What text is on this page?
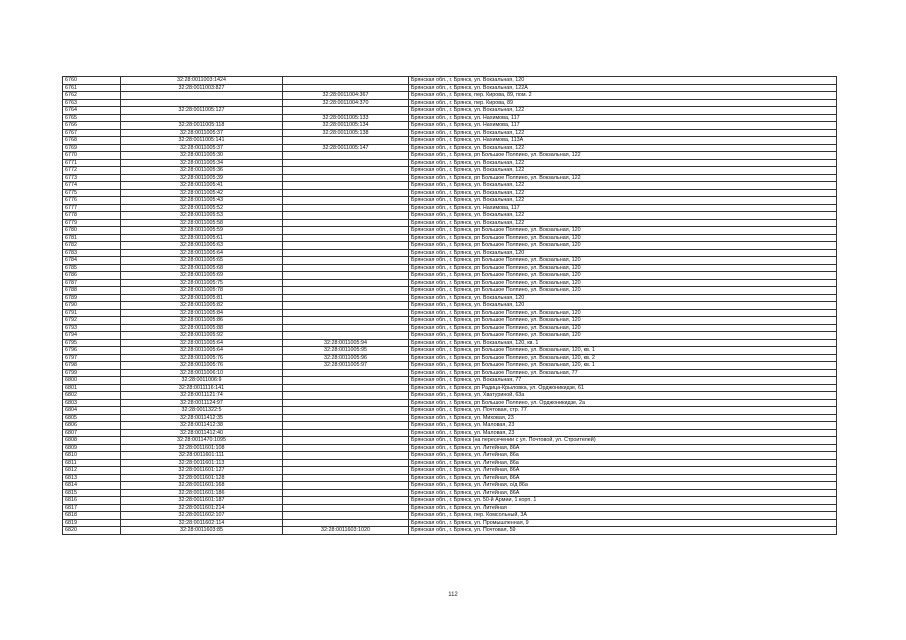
6760	32:28:0011003:1424		Брянская обл., г. Брянск, ул. Вокзальная, 120
6761	32:28:0011003:827		Брянская обл., г. Брянск, ул. Вокзальная, 122А
6762		32:28:0011004:367	Брянская обл., г. Брянск, пер. Кирова, 89, пом. 2
6763		32:28:0011004:370	Брянская обл., г. Брянск, пер. Кирова, 89
6764	32:28:0011005:127		Брянская обл., г. Брянск, ул. Вокзальная, 122
6765		32:28:0011005:133	Брянская обл., г. Брянск, ул. Нахимова, 117
6766	32:28:0011005:118	32:28:0011005:134	Брянская обл., г. Брянск, ул. Нахимова, 117
6767	32:28:0011005:37	32:28:0011005:138	Брянская обл., г. Брянск, ул. Вокзальная, 122
6768	32:28:0011005:141		Брянская обл., г. Брянск, ул. Нахимова, 113А
6769	32:28:0011005:37	32:28:0011005:147	Брянская обл., г. Брянск, ул. Вокзальная, 122
6770	32:28:0011005:30		Брянская обл., г. Брянск, рп Большое Полпино, ул. Вокзальная, 122
6771	32:28:0011005:34		Брянская обл., г. Брянск, ул. Вокзальная, 122
6772	32:28:0011005:36		Брянская обл., г. Брянск, ул. Вокзальная, 122
6773	32:28:0011005:39		Брянская обл., г. Брянск, рп Большое Полпино, ул. Вокзальная, 122
6774	32:28:0011005:41		Брянская обл., г. Брянск, ул. Вокзальная, 122
6775	32:28:0011005:42		Брянская обл., г. Брянск, ул. Вокзальная, 122
6776	32:28:0011005:43		Брянская обл., г. Брянск, ул. Вокзальная, 122
6777	32:28:0011005:52		Брянская обл., г. Брянск, ул. Нахимова, 117
6778	32:28:0011005:53		Брянская обл., г. Брянск, ул. Вокзальная, 122
6779	32:28:0011005:58		Брянская обл., г. Брянск, ул. Вокзальная, 122
6780	32:28:0011005:59		Брянская обл., г. Брянск, рп Большое Полпино, ул. Вокзальная, 120
6781	32:28:0011005:61		Брянская обл., г. Брянск, рп Большое Полпино, ул. Вокзальная, 120
6782	32:28:0011005:63		Брянская обл., г. Брянск, рп Большое Полпино, ул. Вокзальная, 120
6783	32:28:0011005:64		Брянская обл., г. Брянск, ул. Вокзальная, 120
6784	32:28:0011005:65		Брянская обл., г. Брянск, рп Большое Полпино, ул. Вокзальная, 120
6785	32:28:0011005:68		Брянская обл., г. Брянск, рп Большое Полпино, ул. Вокзальная, 120
6786	32:28:0011005:69		Брянская обл., г. Брянск, рп Большое Полпино, ул. Вокзальная, 120
6787	32:28:0011005:75		Брянская обл., г. Брянск, рп Большое Полпино, ул. Вокзальная, 120
6788	32:28:0011005:78		Брянская обл., г. Брянск, рп Большое Полпино, ул. Вокзальная, 120
6789	32:28:0011005:81		Брянская обл., г. Брянск, ул. Вокзальная, 120
6790	32:28:0011005:82		Брянская обл., г. Брянск, ул. Вокзальная, 120
6791	32:28:0011005:84		Брянская обл., г. Брянск, рп Большое Полпино, ул. Вокзальная, 120
6792	32:28:0011005:86		Брянская обл., г. Брянск, рп Большое Полпино, ул. Вокзальная, 120
6793	32:28:0011005:88		Брянская обл., г. Брянск, рп Большое Полпино, ул. Вокзальная, 120
6794	32:28:0011005:92		Брянская обл., г. Брянск, рп Большое Полпино, ул. Вокзальная, 120
6795	32:28:0011005:64	32:28:0011005:94	Брянская обл., г. Брянск, ул. Вокзальная, 120, кв. 1
6796	32:28:0011005:64	32:28:0011005:95	Брянская обл., г. Брянск, рп Большое Полпино, ул. Вокзальная, 120, кв. 1
6797	32:28:0011005:76	32:28:0011005:96	Брянская обл., г. Брянск, рп Большое Полпино, ул. Вокзальная, 120, кв. 2
6798	32:28:0011005:76	32:28:0011005:97	Брянская обл., г. Брянск, рп Большое Полпино, ул. Вокзальная, 120, кв. 1
6799	32:28:0011006:10		Брянская обл., г. Брянск, рп Большое Полпино, ул. Вокзальная, 77
6800	32:28:0011006:9		Брянская обл., г. Брянск, ул. Вокзальная, 77
6801	32:28:0011116:141		Брянская обл., г. Брянск, рп Радица-Крыловка, ул. Орджоникидзе, 61
6802	32:28:0011121:74		Брянская обл., г. Брянск, ул. Хватуриной, 63а
6803	32:28:0011124:97		Брянская обл., г. Брянск, рп Большое Полпино, ул. Орджоникидзе, 2а
6804	32:28:0011322:5		Брянская обл., г. Брянск, ул. Почтовая, стр. 77
6805	32:28:0011412:35		Брянская обл., г. Брянск, ул. Миховая, 23
6806	32:28:0011412:38		Брянская обл., г. Брянск, ул. Маловая, 23
6807	32:28:0011412:40		Брянская обл., г. Брянск, ул. Маловая, 23
6808	32:28:0011470:1095		Брянская обл., г. Брянск (на пересечении с ул. Почтовой, ул. Строителей)
6809	32:28:0011601:108		Брянская обл., г. Брянск, ул. Литейная, 86А
6810	32:28:0011601:111		Брянская обл., г. Брянск, ул. Литейная, 86а
6811	32:28:0011601:113		Брянская обл., г. Брянск, ул. Литейная, 86а
6812	32:28:0011601:127		Брянская обл., г. Брянск, ул. Литейная, 86А
6813	32:28:0011601:128		Брянская обл., г. Брянск, ул. Литейная, 86А
6814	32:28:0011601:168		Брянская обл., г. Брянск, ул. Литейная, о/д 86а
6815	32:28:0011601:186		Брянская обл., г. Брянск, ул. Литейная, 86А
6816	32:28:0011601:187		Брянская обл., г. Брянск, ул. 50-й Армии, 1 корп. 1
6817	32:28:0011601:214		Брянская обл., г. Брянск, ул. Литейная
6818	32:28:0011602:107		Брянская обл., г. Брянск, пер. Комсольный, 3А
6819	32:28:0011602:114		Брянская обл., г. Брянск, ул. Промышленная, 9
6820	32:28:0011603:85	32:28:0011603:1020	Брянская обл., г. Брянск, ул. Почтовая, 59
112
